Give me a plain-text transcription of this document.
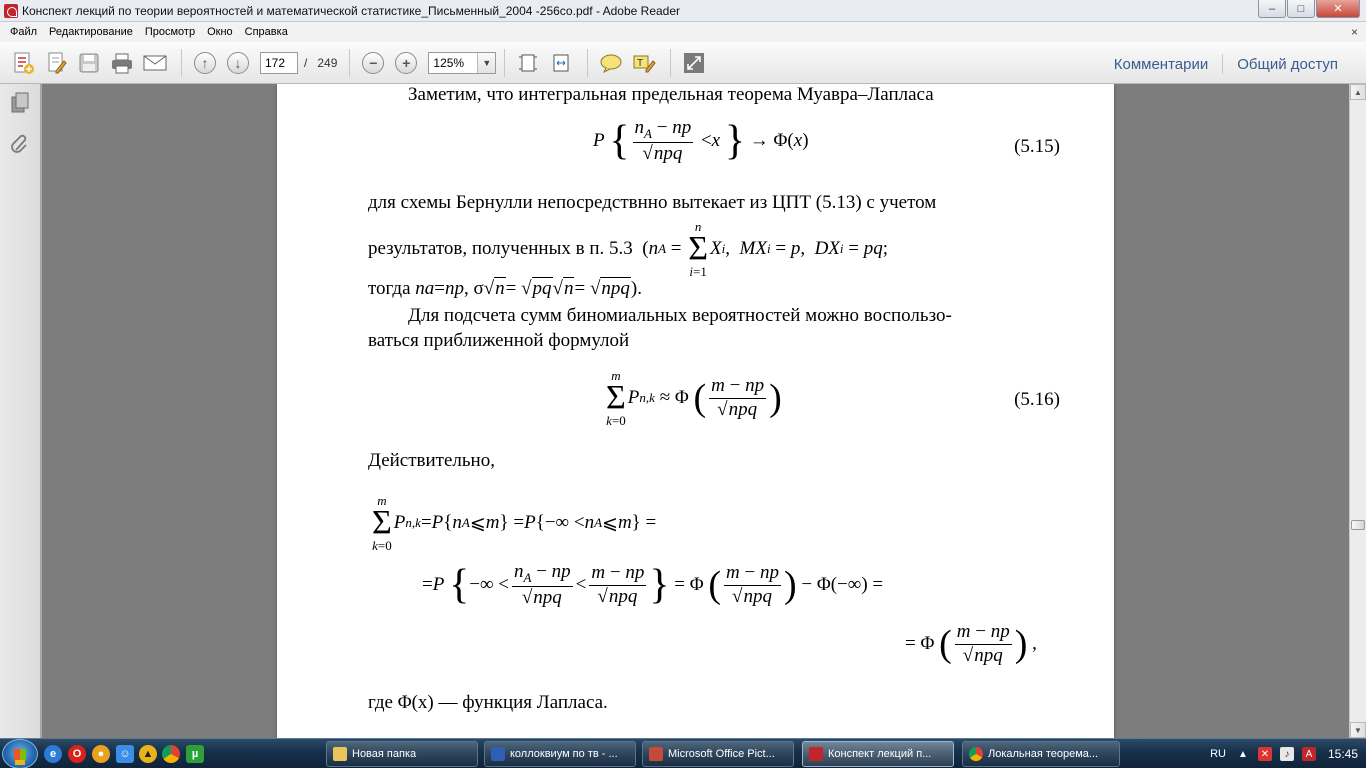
Конспект лекций по теории вероятностей и математической статистике_Письменный_2004 -256со.pdf - Adobe Reader	–	□	✕
Файл	Редактирование	Просмотр	Окно	Справка	×
↑	↓
172	/ 249	−	+
125%	▼	T	Комментарии	Общий доступ
Заметим, что интегральная предельная теорема Муавра–Лапласа
P
{ $\frac{n_A - np}{\text{√npq}} < x$
} → Φ( x )	(5.15)
для схемы Бернулли непосредствнно вытекает из ЦПТ (5.13) с учетом
результатов, полученных в п. 5.3 ( n A =
n
Σ
i=1
X i , MX i = p , DX i = pq ;
тогда
na = np , σ√ n = √ pq √ n = √ npq ).
Для подсчета сумм биномиальных вероятностей можно воспользо-
ваться приближенной формулой
m
Σ
k=0
P n,k ≈ Φ ( $\frac{m - np}{\text{√npq}}$ )	(5.16)
Действительно,
m
Σ
k=0
P n,k = P { n A ⩽ m } = P {−∞ < n A ⩽ m } =
= P
{ −∞ < $\frac{n_A - np}{\text{√npq}} < \frac{m - np}{\text{√npq}}$ } = Φ ( $\frac{m - np}{\text{√npq}}$ ) − Φ(−∞) =
= Φ ( $\frac{m - np}{\text{√npq}}$ ) ,
где Φ(x) — функция Лапласа.
▲
▼
e	O	●	☺	▲	µ	Новая папка	коллоквиум по тв - ...	Microsoft Office Pict...	Конспект лекций п...	Локальная теорема...	RU ▲ ✕	♪	A	15:45
